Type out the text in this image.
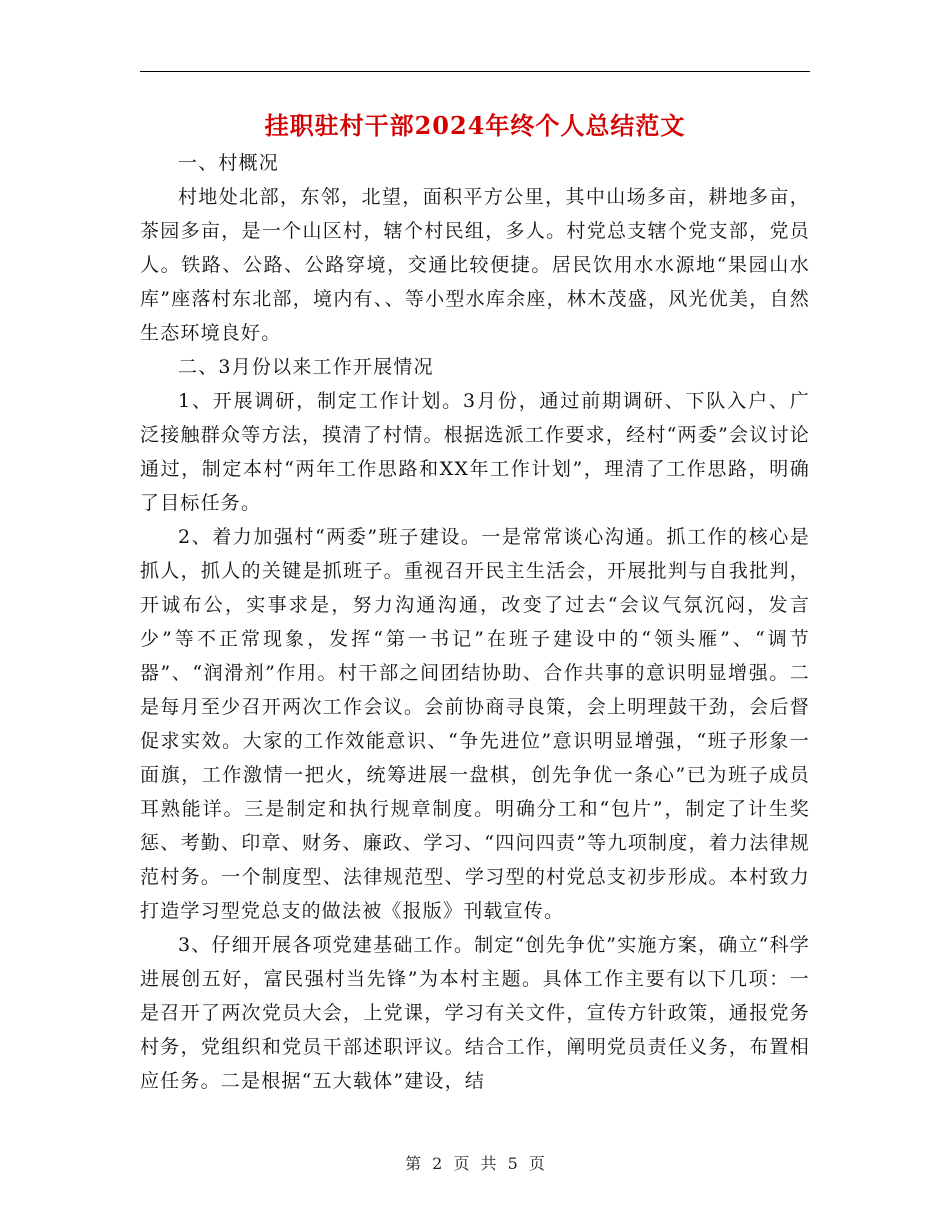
挂职驻村干部2024年终个人总结范文

一、村概况

村地处北部，东邻，北望，面积平方公里，其中山场多亩，耕地多亩，茶园多亩，是一个山区村，辖个村民组，多人。村党总支辖个党支部，党员人。铁路、公路、公路穿境，交通比较便捷。居民饮用水水源地“果园山水库”座落村东北部，境内有、、等小型水库余座，林木茂盛，风光优美，自然生态环境良好。

二、3月份以来工作开展情况

1、开展调研，制定工作计划。3月份，通过前期调研、下队入户、广泛接触群众等方法，摸清了村情。根据选派工作要求，经村“两委”会议讨论通过，制定本村“两年工作思路和XX年工作计划”，理清了工作思路，明确了目标任务。

2、着力加强村“两委”班子建设。一是常常谈心沟通。抓工作的核心是抓人，抓人的关键是抓班子。重视召开民主生活会，开展批判与自我批判，开诚布公，实事求是，努力沟通沟通，改变了过去“会议气氛沉闷，发言少”等不正常现象，发挥“第一书记”在班子建设中的“领头雁”、“调节器”、“润滑剂”作用。村干部之间团结协助、合作共事的意识明显增强。二是每月至少召开两次工作会议。会前协商寻良策，会上明理鼓干劲，会后督促求实效。大家的工作效能意识、“争先进位”意识明显增强，“班子形象一面旗，工作激情一把火，统筹进展一盘棋，创先争优一条心”已为班子成员耳熟能详。三是制定和执行规章制度。明确分工和“包片”，制定了计生奖惩、考勤、印章、财务、廉政、学习、“四问四责”等九项制度，着力法律规范村务。一个制度型、法律规范型、学习型的村党总支初步形成。本村致力打造学习型党总支的做法被《报版》刊载宣传。

3、仔细开展各项党建基础工作。制定“创先争优”实施方案，确立“科学进展创五好，富民强村当先锋”为本村主题。具体工作主要有以下几项：一是召开了两次党员大会，上党课，学习有关文件，宣传方针政策，通报党务村务，党组织和党员干部述职评议。结合工作，阐明党员责任义务，布置相应任务。二是根据“五大载体”建设，结

第 2 页 共 5 页
